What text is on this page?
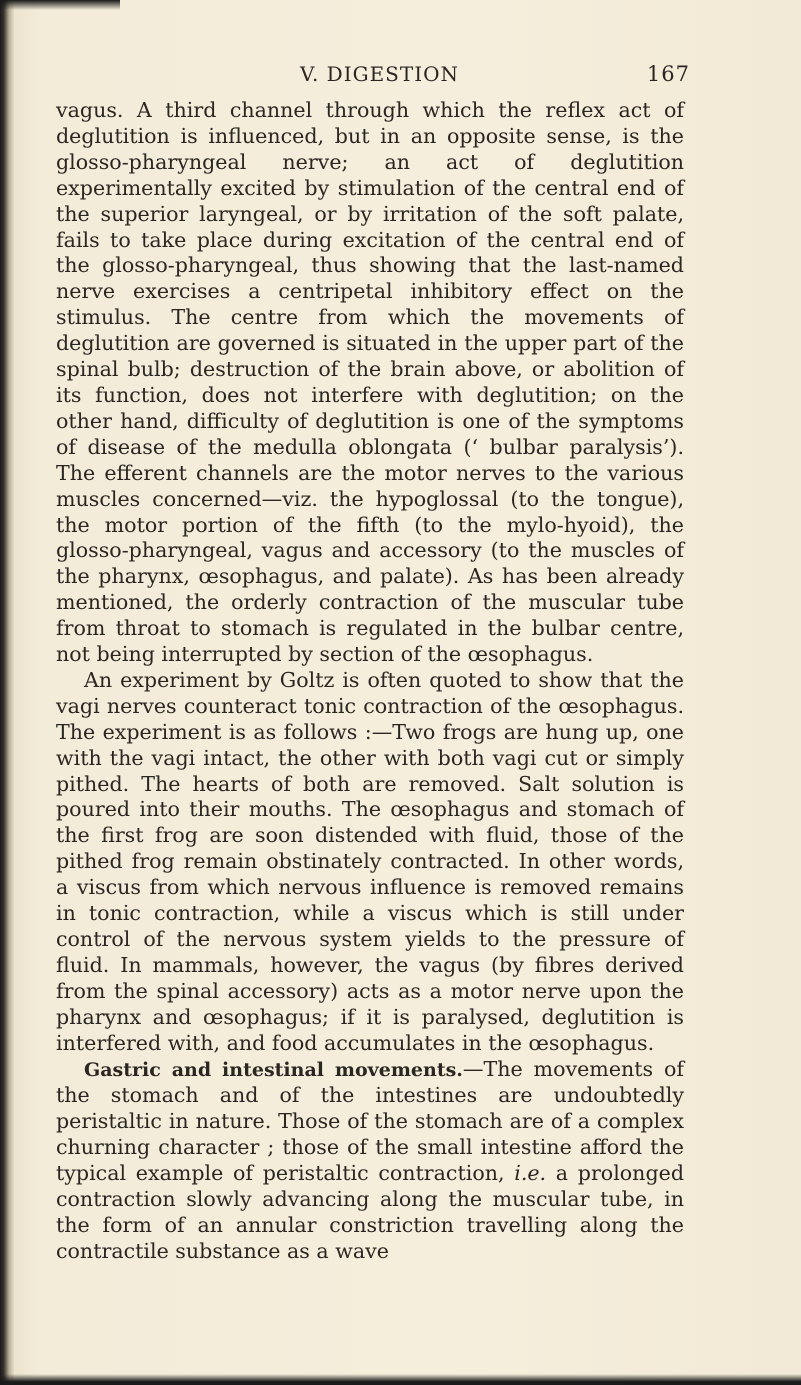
V. DIGESTION	167

vagus. A third channel through which the reflex act of deglutition is influenced, but in an opposite sense, is the glosso-pharyngeal nerve; an act of deglutition experimentally excited by stimulation of the central end of the superior laryngeal, or by irritation of the soft palate, fails to take place during excitation of the central end of the glosso-pharyngeal, thus showing that the last-named nerve exercises a centripetal inhibitory effect on the stimulus. The centre from which the movements of deglutition are governed is situated in the upper part of the spinal bulb; destruction of the brain above, or abolition of its function, does not interfere with deglutition; on the other hand, difficulty of deglutition is one of the symptoms of disease of the medulla oblongata (‘ bulbar paralysis’). The efferent channels are the motor nerves to the various muscles concerned—viz. the hypoglossal (to the tongue), the motor portion of the fifth (to the mylo-hyoid), the glosso-pharyngeal, vagus and accessory (to the muscles of the pharynx, œsophagus, and palate). As has been already mentioned, the orderly contraction of the muscular tube from throat to stomach is regulated in the bulbar centre, not being interrupted by section of the œsophagus.

An experiment by Goltz is often quoted to show that the vagi nerves counteract tonic contraction of the œsophagus. The experiment is as follows :—Two frogs are hung up, one with the vagi intact, the other with both vagi cut or simply pithed. The hearts of both are removed. Salt solution is poured into their mouths. The œsophagus and stomach of the first frog are soon distended with fluid, those of the pithed frog remain obstinately contracted. In other words, a viscus from which nervous influence is removed remains in tonic contraction, while a viscus which is still under control of the nervous system yields to the pressure of fluid. In mammals, however, the vagus (by fibres derived from the spinal accessory) acts as a motor nerve upon the pharynx and œsophagus; if it is paralysed, deglutition is interfered with, and food accumulates in the œsophagus.

Gastric and intestinal movements.—The movements of the stomach and of the intestines are undoubtedly peristaltic in nature. Those of the stomach are of a complex churning character ; those of the small intestine afford the typical example of peristaltic contraction, i.e. a prolonged contraction slowly advancing along the muscular tube, in the form of an annular constriction travelling along the contractile substance as a wave
